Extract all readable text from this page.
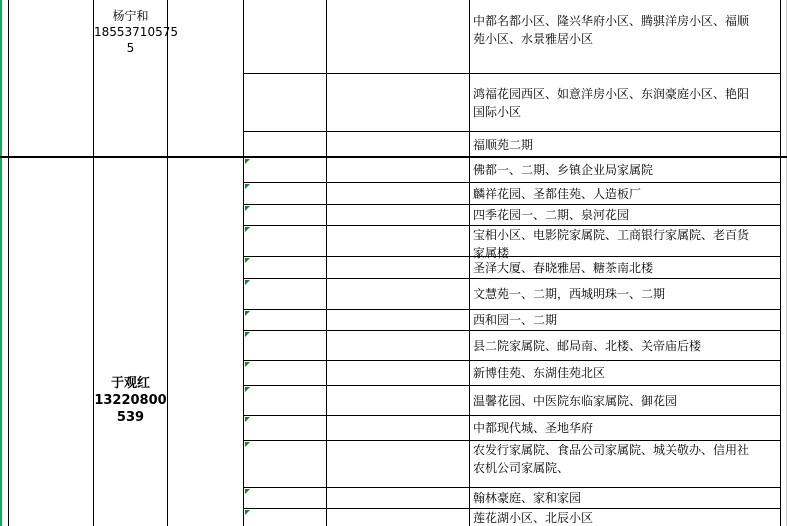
杨宁和
18553710575
5
中都名都小区、隆兴华府小区、腾骐洋房小区、福顺
苑小区、水景雅居小区
鸿福花园西区、如意洋房小区、东润豪庭小区、艳阳
国际小区
福顺苑二期
于观红
13220800
539
佛都一、二期、乡镇企业局家属院
麟祥花园、圣都佳苑、人造板厂
四季花园一、二期、泉河花园
宝相小区、电影院家属院、工商银行家属院、老百货
家属楼
圣泽大厦、春晓雅居、糖茶南北楼
文慧苑一、二期，西城明珠一、二期
西和园一、二期
县二院家属院、邮局南、北楼、关帝庙后楼
新博佳苑、东湖佳苑北区
温馨花园、中医院东临家属院、御花园
中都现代城、圣地华府
农发行家属院、食品公司家属院、城关敬办、信用社
农机公司家属院、
翰林豪庭、家和家园
莲花湖小区、北辰小区
